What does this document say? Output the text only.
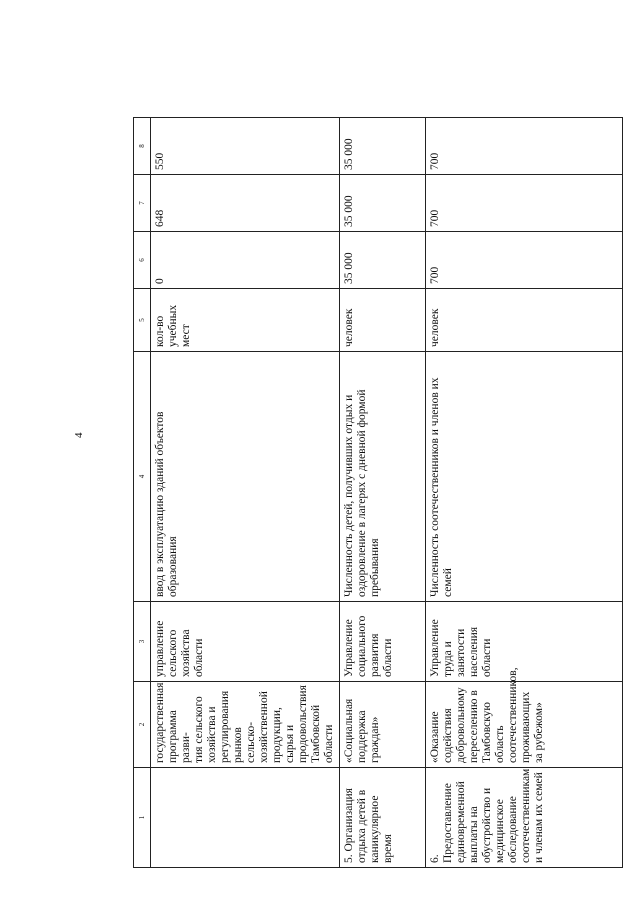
4
1	2	3	4	5	6	7	8
	государственная программа разви-
тия сельского хозяйства и регулирования рынков сельско-
хозяйственной продукции, сырья и продовольствия Тамбовской области	управление сельского хозяйства области	ввод в эксплуатацию зданий объектов образования	кол-во учебных мест	0	648	550
5. Организация отдыха детей в каникулярное время	«Социальная поддержка граждан»	Управление социального развития области	Численность детей, получивших отдых и оздоровление в лагерях с дневной формой пребывания	человек	35 000	35 000	35 000
6. Предоставление единовременной выплаты на обустройство и медицинское обследование соотечественникам и членам их семей	«Оказание содействия добровольному переселению в Тамбовскую область соотечественников, проживающих за рубежом»	Управление труда и занятости населения области	Численность соотечественников и членов их семей	человек	700	700	700
